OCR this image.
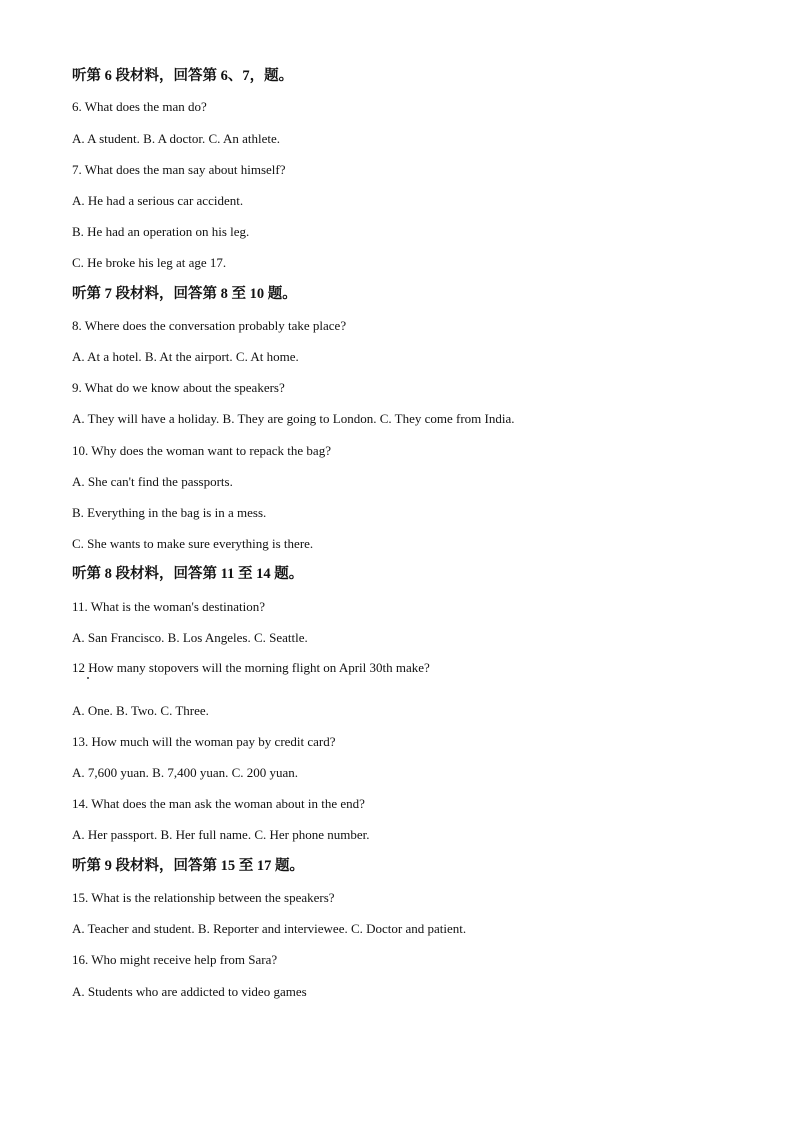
听第 6 段材料，回答第 6、7，题。
6. What does the man do?
A. A student. B. A doctor. C. An athlete.
7. What does the man say about himself?
A. He had a serious car accident.
B. He had an operation on his leg.
C. He broke his leg at age 17.
听第 7 段材料，回答第 8 至 10 题。
8. Where does the conversation probably take place?
A. At a hotel. B. At the airport. C. At home.
9. What do we know about the speakers?
A. They will have a holiday. B. They are going to London. C. They come from India.
10. Why does the woman want to repack the bag?
A. She can't find the passports.
B. Everything in the bag is in a mess.
C. She wants to make sure everything is there.
听第 8 段材料，回答第 11 至 14 题。
11. What is the woman's destination?
A. San Francisco. B. Los Angeles. C. Seattle.
12 How many stopovers will the morning flight on April 30th make?
A. One. B. Two. C. Three.
13. How much will the woman pay by credit card?
A. 7,600 yuan. B. 7,400 yuan. C. 200 yuan.
14. What does the man ask the woman about in the end?
A. Her passport. B. Her full name. C. Her phone number.
听第 9 段材料，回答第 15 至 17 题。
15. What is the relationship between the speakers?
A. Teacher and student. B. Reporter and interviewee. C. Doctor and patient.
16. Who might receive help from Sara?
A. Students who are addicted to video games
